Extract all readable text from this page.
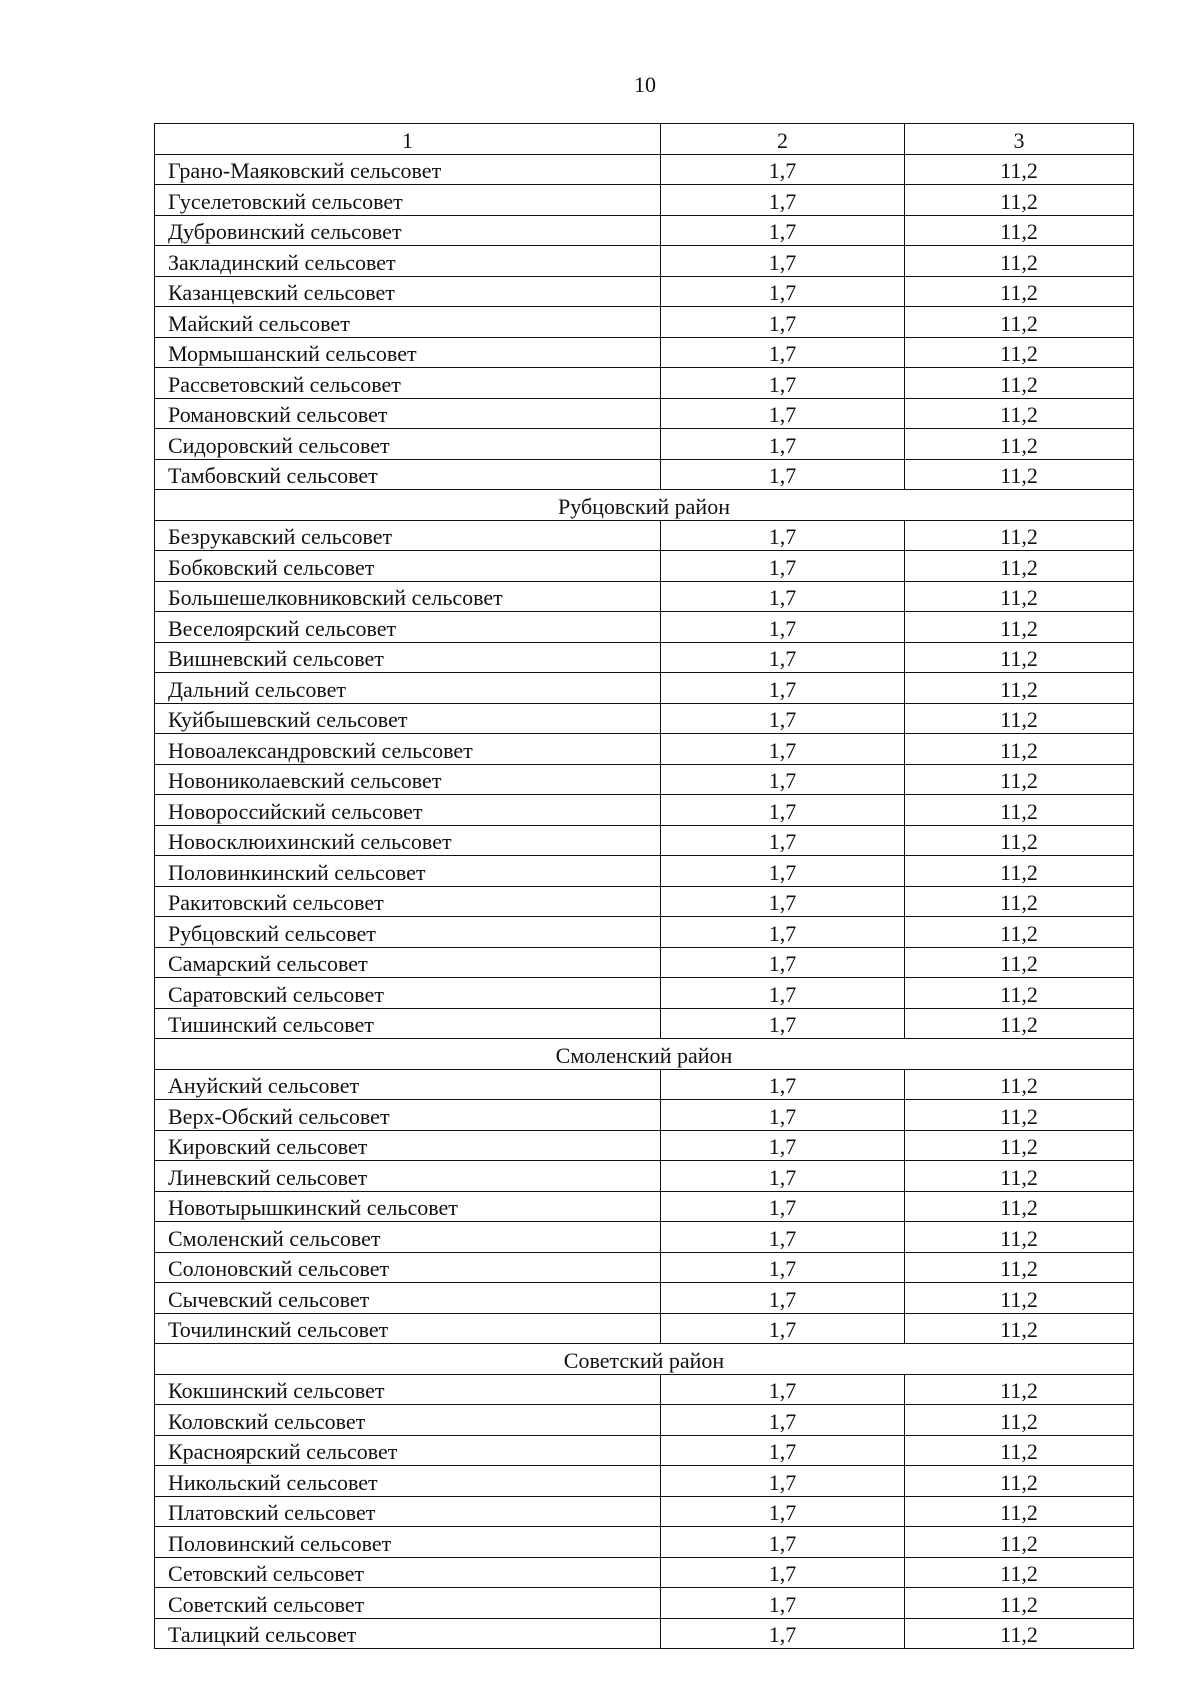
10
1	2	3
Грано-Маяковский сельсовет	1,7	11,2
Гуселетовский сельсовет	1,7	11,2
Дубровинский сельсовет	1,7	11,2
Закладинский сельсовет	1,7	11,2
Казанцевский сельсовет	1,7	11,2
Майский сельсовет	1,7	11,2
Мормышанский сельсовет	1,7	11,2
Рассветовский сельсовет	1,7	11,2
Романовский сельсовет	1,7	11,2
Сидоровский сельсовет	1,7	11,2
Тамбовский сельсовет	1,7	11,2
Рубцовский район		
Безрукавский сельсовет	1,7	11,2
Бобковский сельсовет	1,7	11,2
Большешелковниковский сельсовет	1,7	11,2
Веселоярский сельсовет	1,7	11,2
Вишневский сельсовет	1,7	11,2
Дальний сельсовет	1,7	11,2
Куйбышевский сельсовет	1,7	11,2
Новоалександровский сельсовет	1,7	11,2
Новониколаевский сельсовет	1,7	11,2
Новороссийский сельсовет	1,7	11,2
Новосклюихинский сельсовет	1,7	11,2
Половинкинский сельсовет	1,7	11,2
Ракитовский сельсовет	1,7	11,2
Рубцовский сельсовет	1,7	11,2
Самарский сельсовет	1,7	11,2
Саратовский сельсовет	1,7	11,2
Тишинский сельсовет	1,7	11,2
Смоленский район		
Ануйский сельсовет	1,7	11,2
Верх-Обский сельсовет	1,7	11,2
Кировский сельсовет	1,7	11,2
Линевский сельсовет	1,7	11,2
Новотырышкинский сельсовет	1,7	11,2
Смоленский сельсовет	1,7	11,2
Солоновский сельсовет	1,7	11,2
Сычевский сельсовет	1,7	11,2
Точилинский сельсовет	1,7	11,2
Советский район		
Кокшинский сельсовет	1,7	11,2
Коловский сельсовет	1,7	11,2
Красноярский сельсовет	1,7	11,2
Никольский сельсовет	1,7	11,2
Платовский сельсовет	1,7	11,2
Половинский сельсовет	1,7	11,2
Сетовский сельсовет	1,7	11,2
Советский сельсовет	1,7	11,2
Талицкий сельсовет	1,7	11,2
